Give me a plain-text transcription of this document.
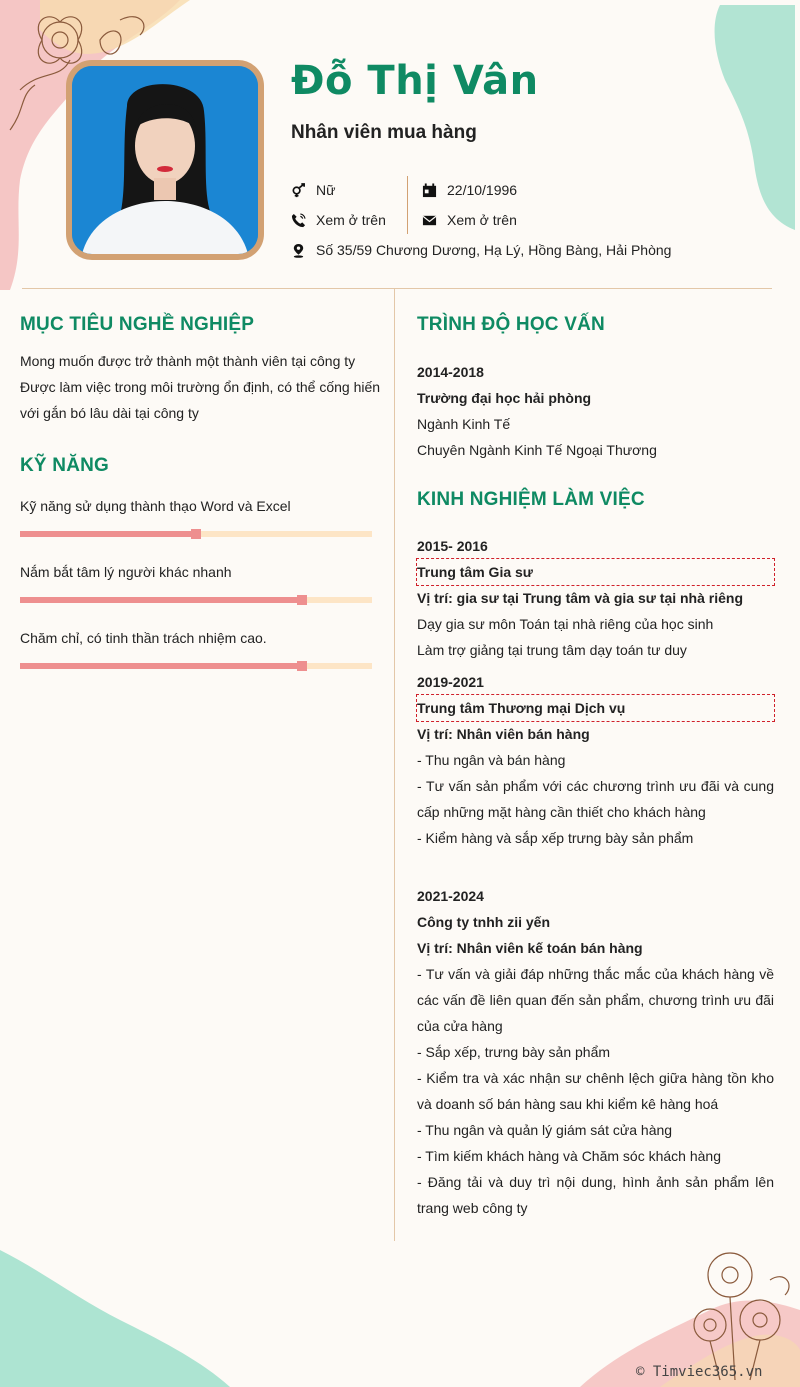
Đỗ Thị Vân
Nhân viên mua hàng
Nữ
Xem ở trên
22/10/1996
Xem ở trên
Số 35/59 Chương Dương, Hạ Lý, Hồng Bàng, Hải Phòng
MỤC TIÊU NGHỀ NGHIỆP
Mong muốn được trở thành một thành viên tại công ty
Được làm việc trong môi trường ổn định, có thể cống hiến
với gắn bó lâu dài tại công ty
KỸ NĂNG
Kỹ năng sử dụng thành thạo Word và Excel
Nắm bắt tâm lý người khác nhanh
Chăm chỉ, có tinh thần trách nhiệm cao.
TRÌNH ĐỘ HỌC VẤN
2014-2018
Trường đại học hải phòng
Ngành Kinh Tế
Chuyên Ngành Kinh Tế Ngoại Thương
KINH NGHIỆM LÀM VIỆC
2015- 2016
Trung tâm Gia sư
Vị trí: gia sư tại Trung tâm và gia sư tại nhà riêng
Dạy gia sư môn Toán tại nhà riêng của học sinh
Làm trợ giảng tại trung tâm dạy toán tư duy
2019-2021
Trung tâm Thương mại Dịch vụ
Vị trí: Nhân viên bán hàng
- Thu ngân và bán hàng
- Tư vấn sản phẩm với các chương trình ưu đãi và cung cấp những mặt hàng cần thiết cho khách hàng
- Kiểm hàng và sắp xếp trưng bày sản phẩm
2021-2024
Công ty tnhh zii yến
Vị trí: Nhân viên kế toán bán hàng
- Tư vấn và giải đáp những thắc mắc của khách hàng về các vấn đề liên quan đến sản phẩm, chương trình ưu đãi của cửa hàng
- Sắp xếp, trưng bày sản phẩm
- Kiểm tra và xác nhận sư chênh lệch giữa hàng tồn kho và doanh số bán hàng sau khi kiểm kê hàng hoá
- Thu ngân và quản lý giám sát cửa hàng
- Tìm kiếm khách hàng và Chăm sóc khách hàng
- Đăng tải và duy trì nội dung, hình ảnh sản phẩm lên trang web công ty
© Timviec365.vn
